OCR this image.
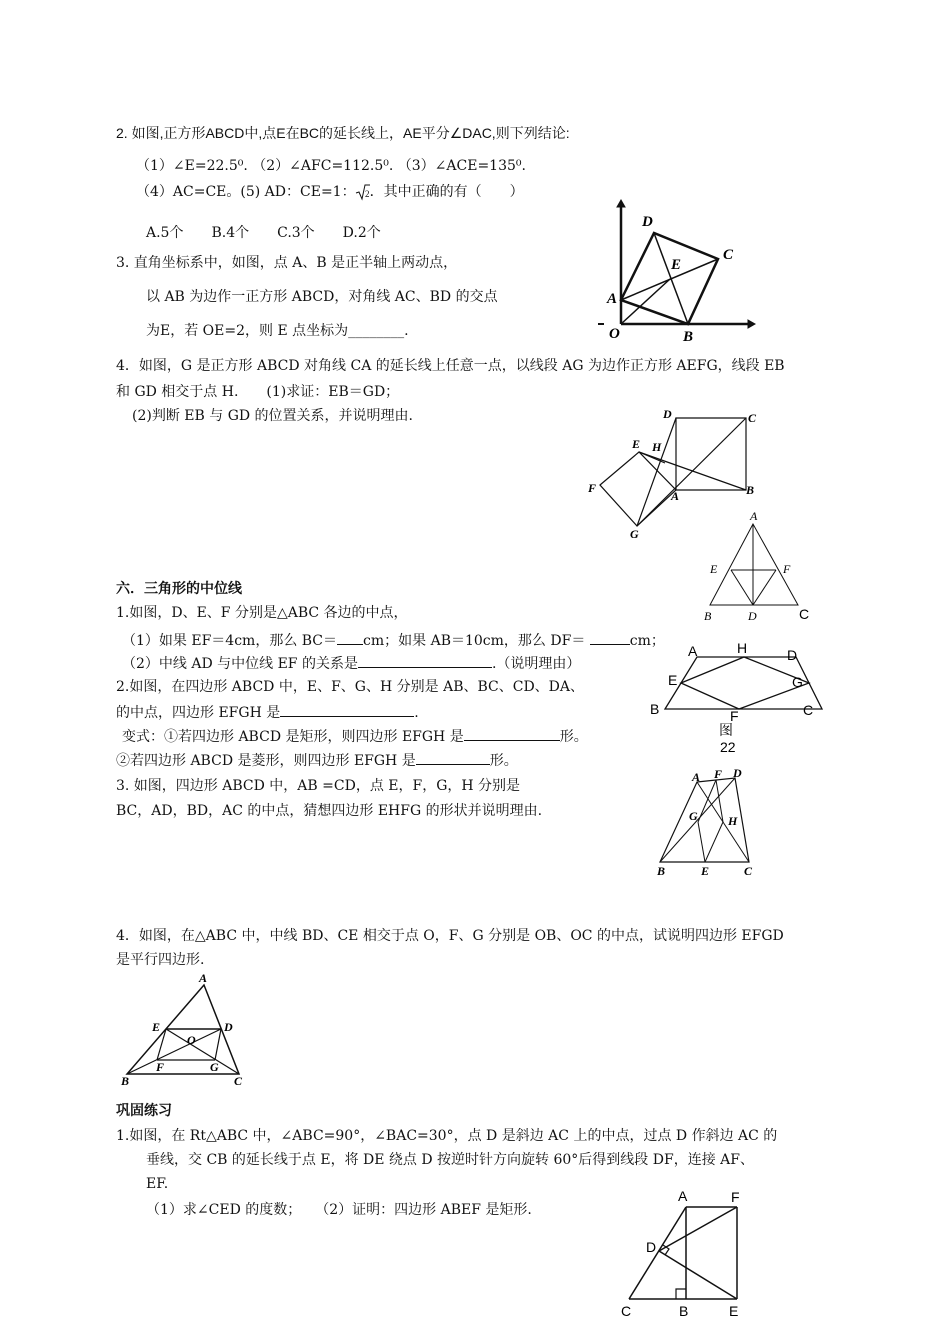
2. 如图,正方形ABCD中,点E在BC的延长线上，AE平分∠DAC,则下列结论:
（1）∠E=22.5⁰. （2）∠AFC=112.5⁰. （3）∠ACE=135⁰.
（4）AC=CE。(5) AD：CE=1： 2 ．其中正确的有（　　）
A.5个　　B.4个　　C.3个　　D.2个
3. 直角坐标系中，如图，点 A、B 是正半轴上两动点，
以 AB 为边作一正方形 ABCD，对角线 AC、BD 的交点
为E，若 OE=2，则 E 点坐标为________.
D
C
E
A
O	B
4．如图，G 是正方形 ABCD 对角线 CA 的延长线上任意一点，以线段 AG 为边作正方形 AEFG，线段 EB
和 GD 相交于点 H.　　(1)求证：EB＝GD；
(2)判断 EB 与 GD 的位置关系，并说明理由.	D	C
E H
F
A	B
G
A
E	F
B	D	C
六．三角形的中位线
1.如图，D、E、F 分别是△ABC 各边的中点，
（1）如果 EF＝4cm，那么 BC＝ cm；如果 AB＝10cm，那么 DF＝	cm；
（2）中线 AD 与中位线 EF 的关系是	.（说明理由）
2.如图，在四边形 ABCD 中，E、F、G、H 分别是 AB、BC、CD、DA、
的中点，四边形 EFGH 是	.
变式：①若四边形 ABCD 是矩形，则四边形 EFGH 是	形。
②若四边形 ABCD 是菱形，则四边形 EFGH 是	形。
3. 如图，四边形 ABCD 中，AB =CD，点 E，F，G，H 分别是
BC，AD，BD，AC 的中点，猜想四边形 EHFG 的形状并说明理由.
A	H	D
E	G
B	F	C
图
22
A F D
G	H
B	E	C
4．如图，在△ABC 中，中线 BD、CE 相交于点 O，F、G 分别是 OB、OC 的中点，试说明四边形 EFGD
是平行四边形.
A
E	D
O
B
F	G
C
巩固练习
1.如图，在 Rt△ABC 中，∠ABC=90°，∠BAC=30°，点 D 是斜边 AC 上的中点，过点 D 作斜边 AC 的
垂线，交 CB 的延长线于点 E，将 DE 绕点 D 按逆时针方向旋转 60°后得到线段 DF，连接 AF、
EF.
（1）求∠CED 的度数；　　（2）证明：四边形 ABEF 是矩形.
A	F
D
C	B	E
